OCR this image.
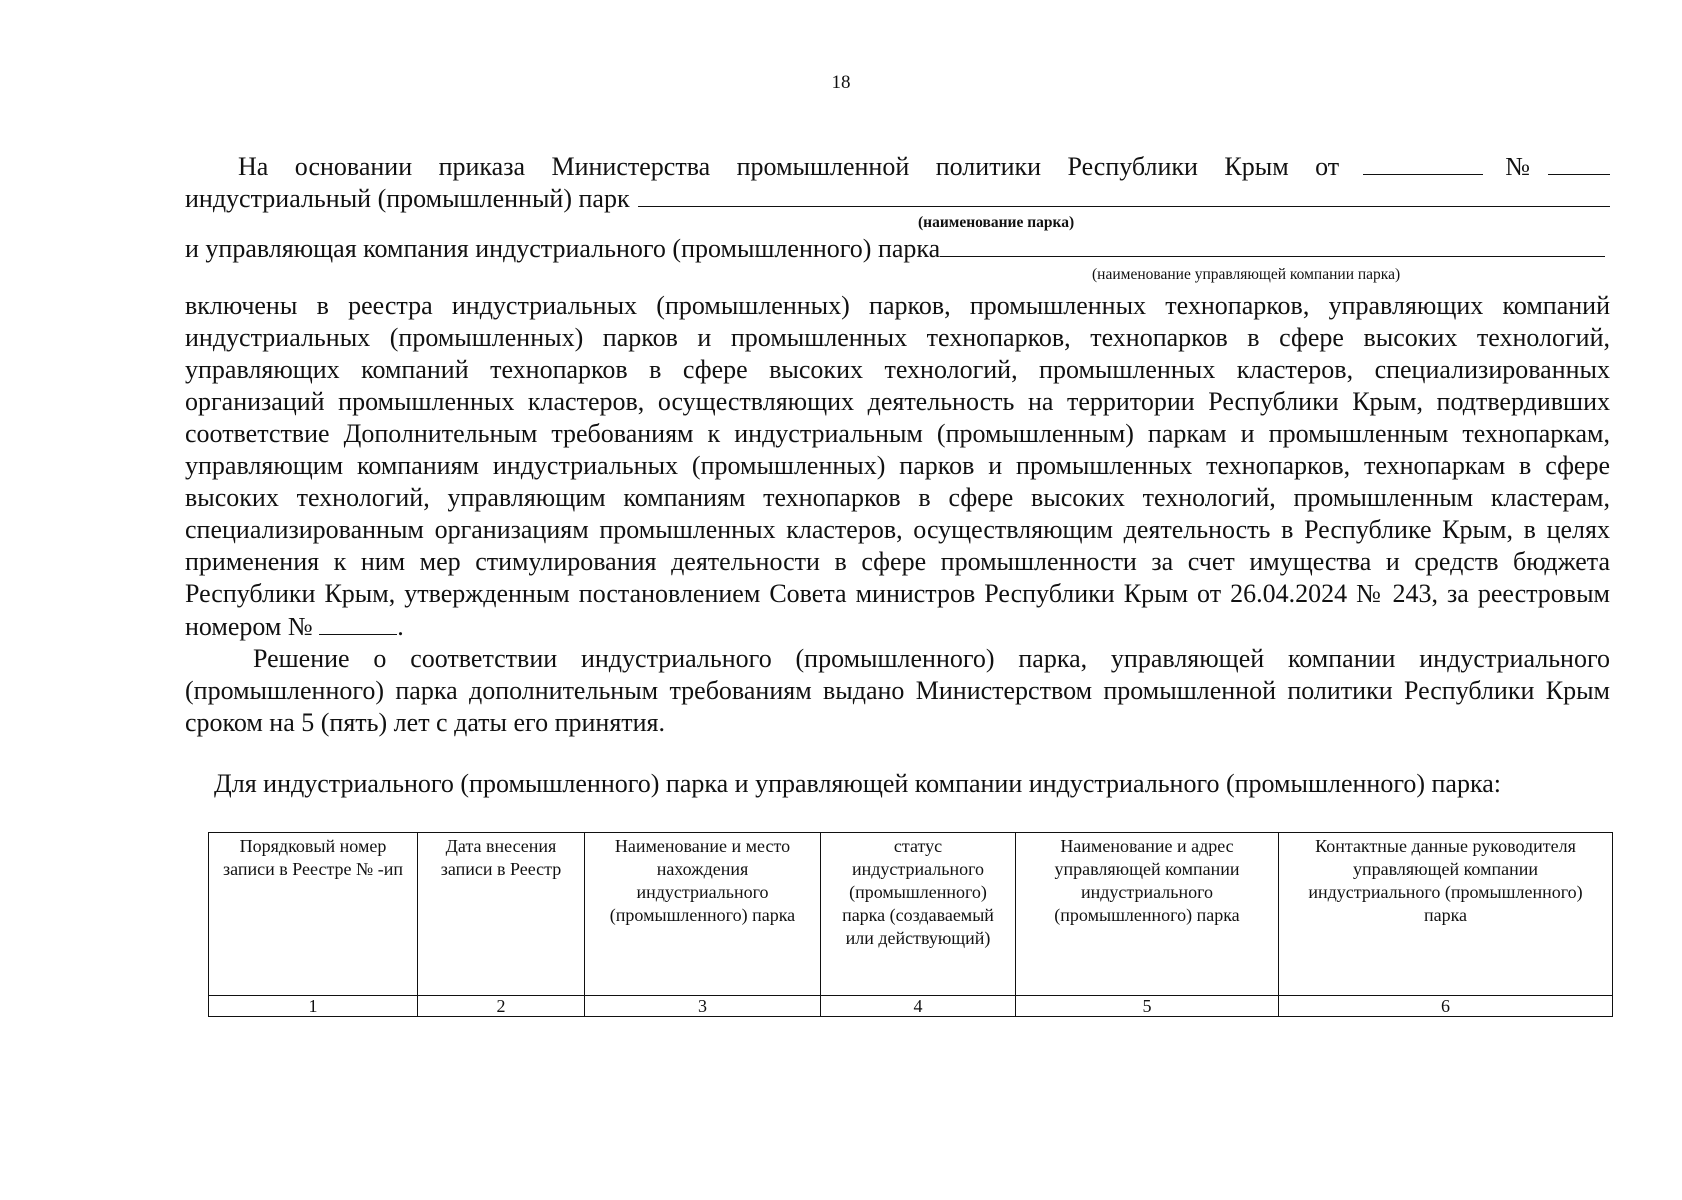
18
На основании приказа Министерства промышленной политики Республики Крым от	№
индустриальный (промышленный) парк
(наименование парка)
и управляющая компания индустриального (промышленного) парка
(наименование управляющей компании парка)
включены в реестра индустриальных (промышленных) парков, промышленных технопарков, управляющих компаний индустриальных (промышленных) парков и промышленных технопарков, технопарков в сфере высоких технологий, управляющих компаний технопарков в сфере высоких технологий, промышленных кластеров, специализированных организаций промышленных кластеров, осуществляющих деятельность на территории Республики Крым, подтвердивших соответствие Дополнительным требованиям к индустриальным (промышленным) паркам и промышленным технопаркам, управляющим компаниям индустриальных (промышленных) парков и промышленных технопарков, технопаркам в сфере высоких технологий, управляющим компаниям технопарков в сфере высоких технологий, промышленным кластерам, специализированным организациям промышленных кластеров, осуществляющим деятельность в Республике Крым, в целях применения к ним мер стимулирования деятельности в сфере промышленности за счет имущества и средств бюджета Республики Крым, утвержденным постановлением Совета министров Республики Крым от 26.04.2024 № 243, за реестровым номером №	.
Решение о соответствии индустриального (промышленного) парка, управляющей компании индустриального (промышленного) парка дополнительным требованиям выдано Министерством промышленной политики Республики Крым сроком на 5 (пять) лет с даты его принятия.
Для индустриального (промышленного) парка и управляющей компании индустриального (промышленного) парка:
Порядковый номер записи в Реестре № -ип	Дата внесения записи в Реестр	Наименование и место нахождения индустриального (промышленного) парка	статус индустриального (промышленного) парка (создаваемый или действующий)	Наименование и адрес управляющей компании индустриального (промышленного) парка	Контактные данные руководителя управляющей компании индустриального (промышленного) парка
1	2	3	4	5	6
